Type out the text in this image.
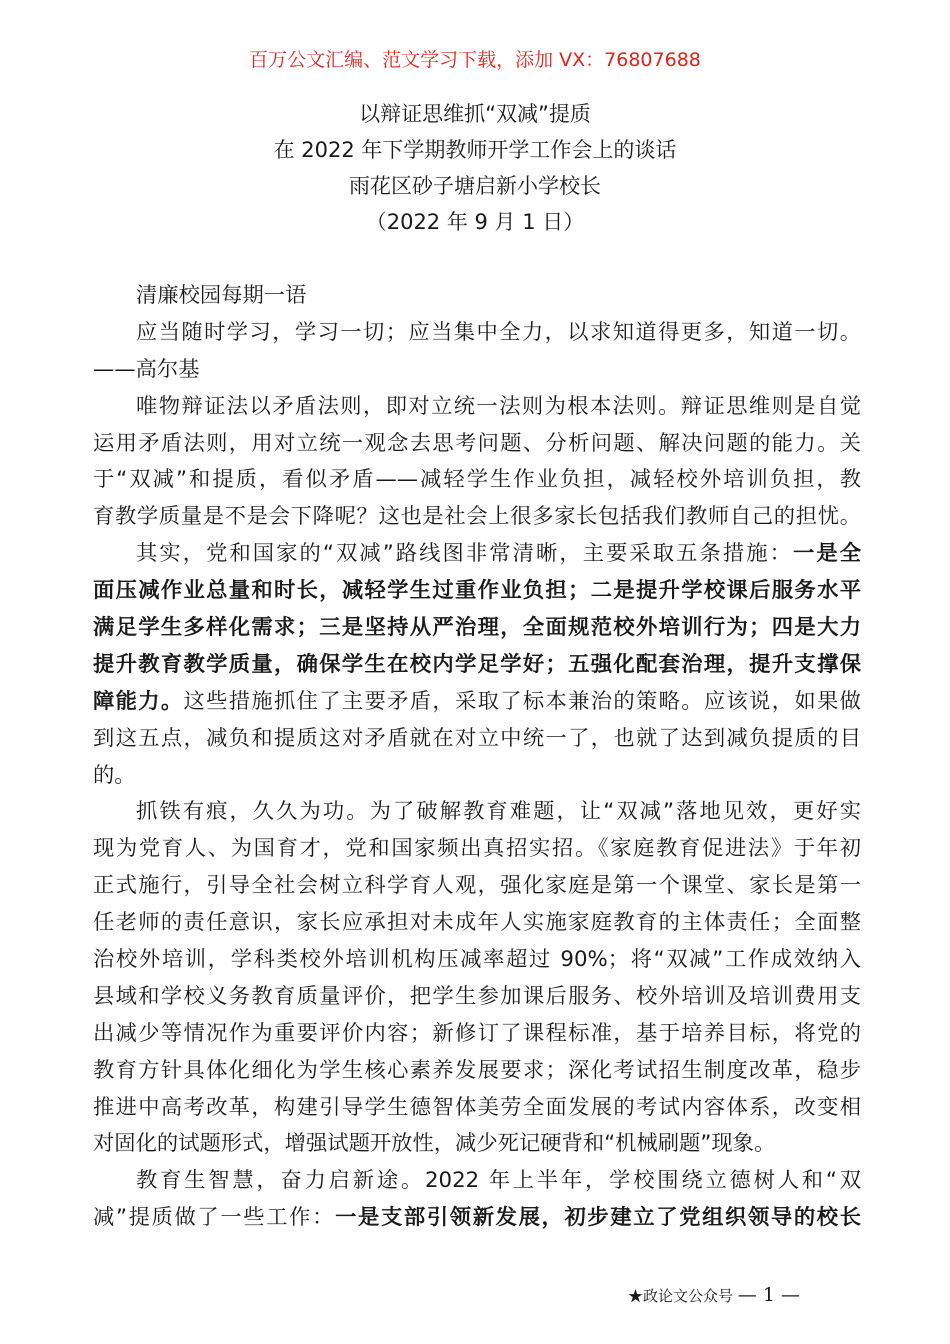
百万公文汇编、范文学习下载，添加 VX：76807688
以辩证思维抓“双减”提质
在 2022 年下学期教师开学工作会上的谈话
雨花区砂子塘启新小学校长
（2022 年 9 月 1 日）
清廉校园每期一语
应当随时学习，学习一切；应当集中全力，以求知道得更多，知道一切。
——高尔基
唯物辩证法以矛盾法则，即对立统一法则为根本法则。辩证思维则是自觉
运用矛盾法则，用对立统一观念去思考问题、分析问题、解决问题的能力。关
于“双减”和提质，看似矛盾——减轻学生作业负担，减轻校外培训负担，教
育教学质量是不是会下降呢？这也是社会上很多家长包括我们教师自己的担忧。
其实，党和国家的“双减”路线图非常清晰，主要采取五条措施：一是全
面压减作业总量和时长，减轻学生过重作业负担；二是提升学校课后服务水平
满足学生多样化需求；三是坚持从严治理，全面规范校外培训行为；四是大力
提升教育教学质量，确保学生在校内学足学好；五强化配套治理，提升支撑保
障能力。这些措施抓住了主要矛盾，采取了标本兼治的策略。应该说，如果做
到这五点，减负和提质这对矛盾就在对立中统一了，也就了达到减负提质的目
的。
抓铁有痕，久久为功。为了破解教育难题，让“双减”落地见效，更好实
现为党育人、为国育才，党和国家频出真招实招。《家庭教育促进法》于年初
正式施行，引导全社会树立科学育人观，强化家庭是第一个课堂、家长是第一
任老师的责任意识，家长应承担对未成年人实施家庭教育的主体责任；全面整
治校外培训，学科类校外培训机构压减率超过 90%；将“双减”工作成效纳入
县域和学校义务教育质量评价，把学生参加课后服务、校外培训及培训费用支
出减少等情况作为重要评价内容；新修订了课程标准，基于培养目标，将党的
教育方针具体化细化为学生核心素养发展要求；深化考试招生制度改革，稳步
推进中高考改革，构建引导学生德智体美劳全面发展的考试内容体系，改变相
对固化的试题形式，增强试题开放性，减少死记硬背和“机械刷题”现象。
教育生智慧，奋力启新途。2022 年上半年，学校围绕立德树人和“双
减”提质做了一些工作：一是支部引领新发展，初步建立了党组织领导的校长
★政论文公众号 — 1 —
